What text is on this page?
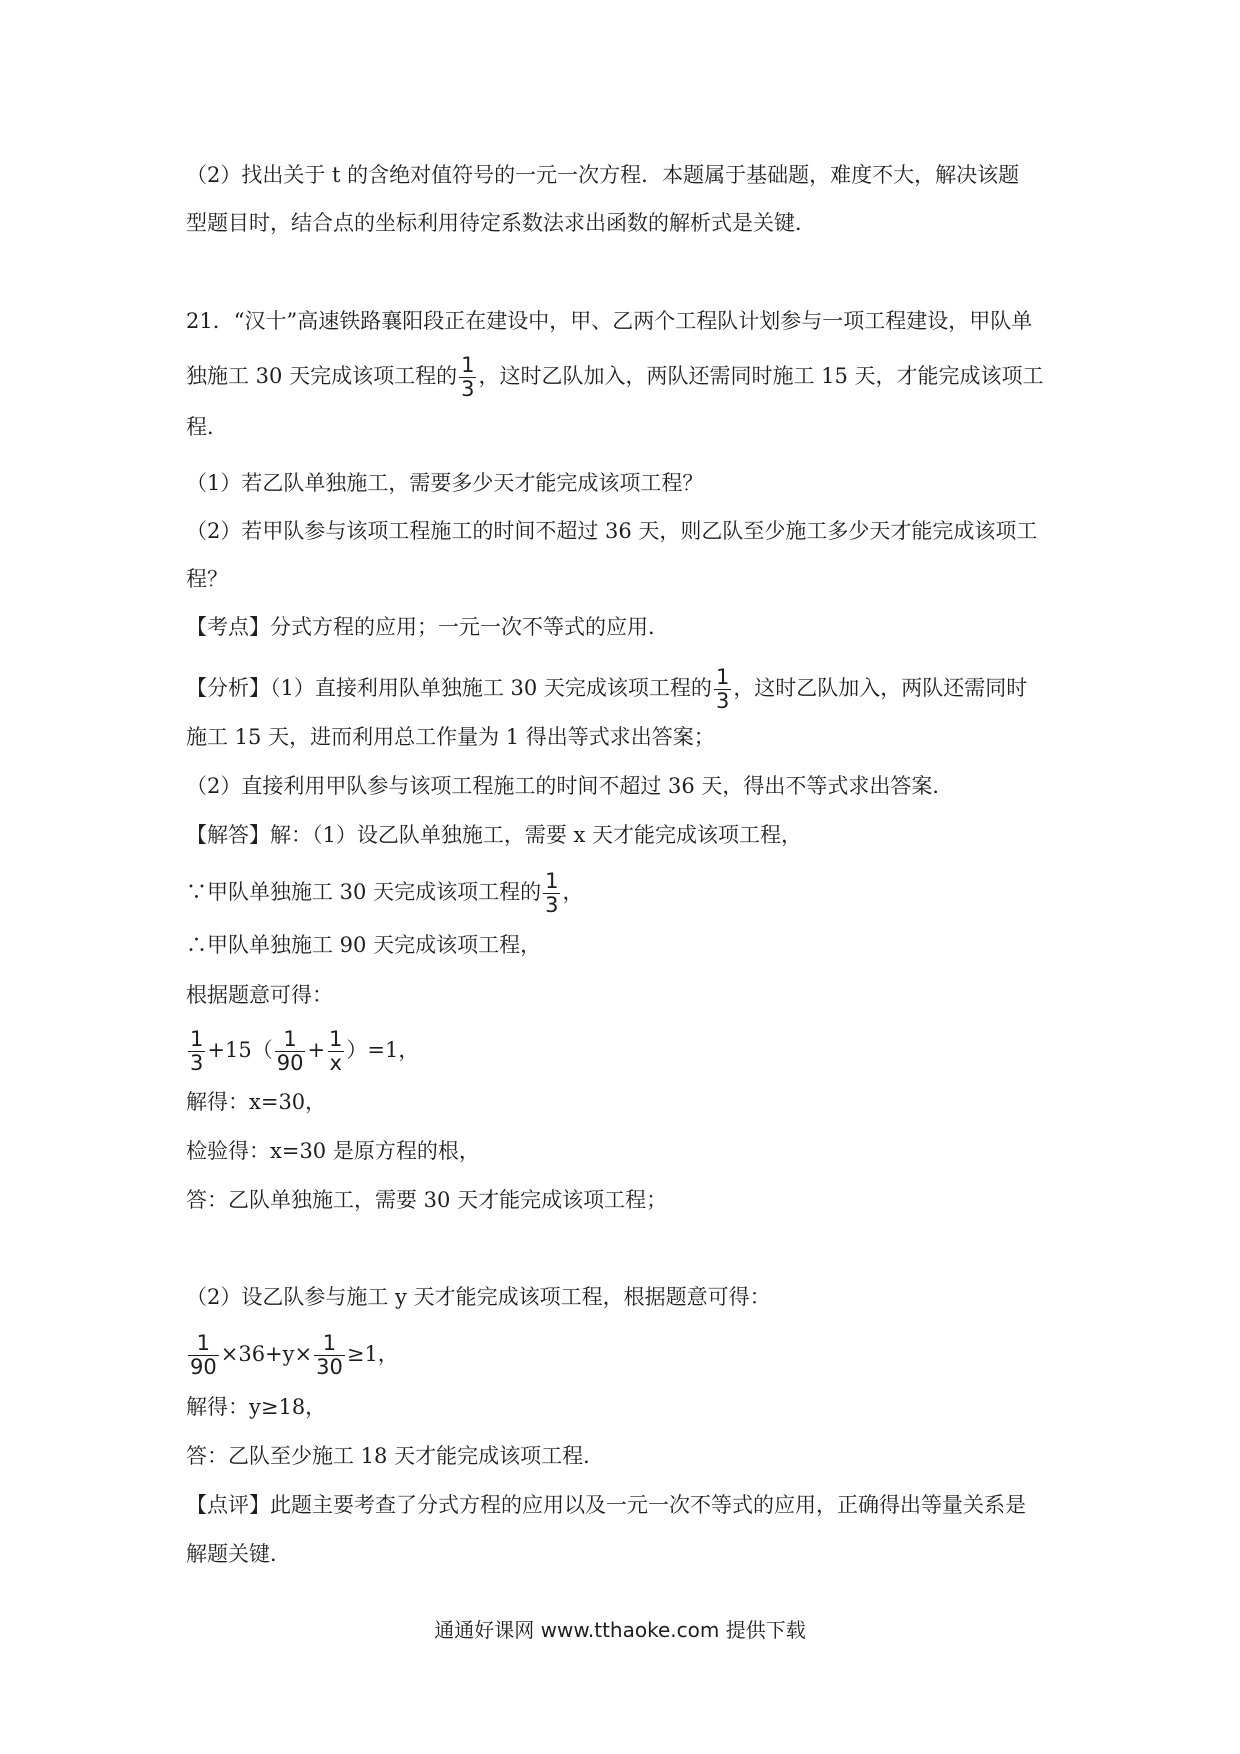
（2）找出关于 t 的含绝对值符号的一元一次方程．本题属于基础题，难度不大，解决该题
型题目时，结合点的坐标利用待定系数法求出函数的解析式是关键．
21．“汉十”高速铁路襄阳段正在建设中，甲、乙两个工程队计划参与一项工程建设，甲队单
独施工 30 天完成该项工程的 $\frac{1}{3}$ ，这时乙队加入，两队还需同时施工 15 天，才能完成该项工
程．
（1）若乙队单独施工，需要多少天才能完成该项工程？
（2）若甲队参与该项工程施工的时间不超过 36 天，则乙队至少施工多少天才能完成该项工
程？
【考点】分式方程的应用；一元一次不等式的应用．
【分析】（1）直接利用队单独施工 30 天完成该项工程的 $\frac{1}{3}$ ，这时乙队加入，两队还需同时
施工 15 天，进而利用总工作量为 1 得出等式求出答案；
（2）直接利用甲队参与该项工程施工的时间不超过 36 天，得出不等式求出答案．
【解答】解：（1）设乙队单独施工，需要 x 天才能完成该项工程，
∵甲队单独施工 30 天完成该项工程的 $\frac{1}{3}$ ，
∴甲队单独施工 90 天完成该项工程，
根据题意可得：
$\frac{1}{3} +15( \frac{1}{90} + \frac{1}{x} )=1$，
解得：x=30，
检验得：x=30 是原方程的根，
答：乙队单独施工，需要 30 天才能完成该项工程；
（2）设乙队参与施工 y 天才能完成该项工程，根据题意可得：
$\frac{1}{90} \times 36+y\times \frac{1}{30} \ge 1$，
解得：y≥18，
答：乙队至少施工 18 天才能完成该项工程．
【点评】此题主要考查了分式方程的应用以及一元一次不等式的应用，正确得出等量关系是
解题关键．
通通好课网 www.tthaoke.com 提供下载
